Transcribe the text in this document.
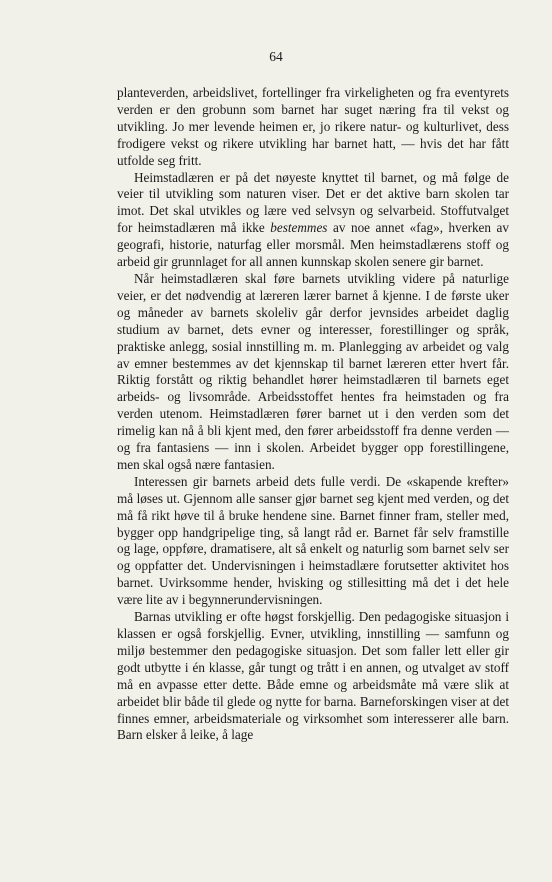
64

planteverden, arbeidslivet, fortellinger fra virkeligheten og fra eventyrets verden er den grobunn som barnet har suget næring fra til vekst og utvikling. Jo mer levende heimen er, jo rikere natur- og kulturlivet, dess frodigere vekst og rikere utvikling har barnet hatt, — hvis det har fått utfolde seg fritt.

Heimstadlæren er på det nøyeste knyttet til barnet, og må følge de veier til utvikling som naturen viser. Det er det aktive barn skolen tar imot. Det skal utvikles og lære ved selvsyn og selvarbeid. Stoffutvalget for heimstadlæren må ikke bestemmes av noe annet «fag», hverken av geografi, historie, naturfag eller morsmål. Men heimstadlærens stoff og arbeid gir grunnlaget for all annen kunnskap skolen senere gir barnet.

Når heimstadlæren skal føre barnets utvikling videre på naturlige veier, er det nødvendig at læreren lærer barnet å kjenne. I de første uker og måneder av barnets skoleliv går derfor jevnsides arbeidet daglig studium av barnet, dets evner og interesser, forestillinger og språk, praktiske anlegg, sosial innstilling m. m. Planlegging av arbeidet og valg av emner bestemmes av det kjennskap til barnet læreren etter hvert får. Riktig forstått og riktig behandlet hører heimstadlæren til barnets eget arbeids- og livsområde. Arbeidsstoffet hentes fra heimstaden og fra verden utenom. Heimstadlæren fører barnet ut i den verden som det rimelig kan nå å bli kjent med, den fører arbeidsstoff fra denne verden — og fra fantasiens — inn i skolen. Arbeidet bygger opp forestillingene, men skal også nære fantasien.

Interessen gir barnets arbeid dets fulle verdi. De «skapende krefter» må løses ut. Gjennom alle sanser gjør barnet seg kjent med verden, og det må få rikt høve til å bruke hendene sine. Barnet finner fram, steller med, bygger opp handgripelige ting, så langt råd er. Barnet får selv framstille og lage, oppføre, dramatisere, alt så enkelt og naturlig som barnet selv ser og oppfatter det. Undervisningen i heimstadlære forutsetter aktivitet hos barnet. Uvirksomme hender, hvisking og stillesitting må det i det hele være lite av i begynnerundervisningen.

Barnas utvikling er ofte høgst forskjellig. Den pedagogiske situasjon i klassen er også forskjellig. Evner, utvikling, innstilling — samfunn og miljø bestemmer den pedagogiske situasjon. Det som faller lett eller gir godt utbytte i én klasse, går tungt og trått i en annen, og utvalget av stoff må en avpasse etter dette. Både emne og arbeidsmåte må være slik at arbeidet blir både til glede og nytte for barna. Barneforskingen viser at det finnes emner, arbeidsmateriale og virksomhet som interesserer alle barn. Barn elsker å leike, å lage
